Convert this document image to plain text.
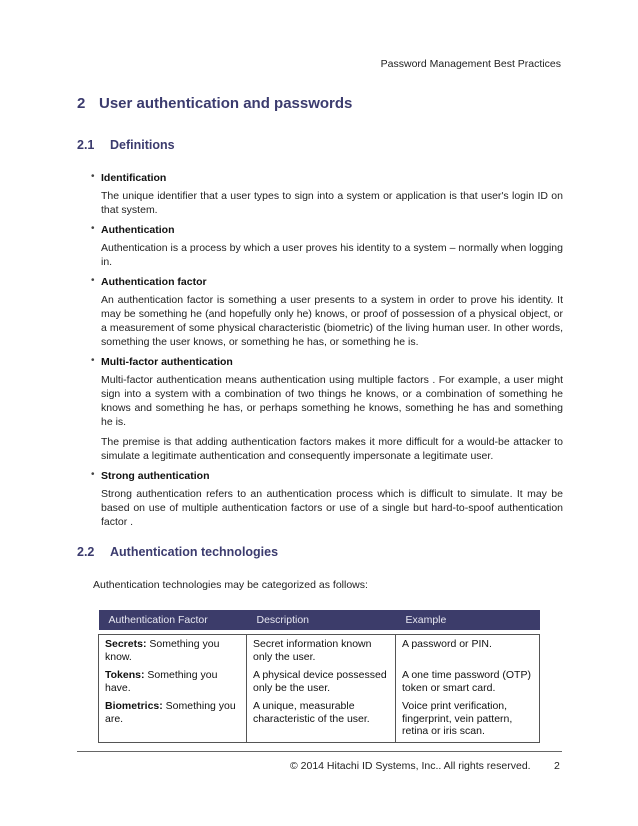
Password Management Best Practices
2 User authentication and passwords
2.1 Definitions
• Identification

The unique identifier that a user types to sign into a system or application is that user's login ID on that system.

• Authentication

Authentication is a process by which a user proves his identity to a system – normally when logging in.

• Authentication factor

An authentication factor is something a user presents to a system in order to prove his identity. It may be something he (and hopefully only he) knows, or proof of possession of a physical object, or a measurement of some physical characteristic (biometric) of the living human user. In other words, something the user knows, or something he has, or something he is.

• Multi-factor authentication

Multi-factor authentication means authentication using multiple factors . For example, a user might sign into a system with a combination of two things he knows, or a combination of something he knows and something he has, or perhaps something he knows, something he has and something he is.

The premise is that adding authentication factors makes it more difficult for a would-be attacker to simulate a legitimate authentication and consequently impersonate a legitimate user.

• Strong authentication

Strong authentication refers to an authentication process which is difficult to simulate. It may be based on use of multiple authentication factors or use of a single but hard-to-spoof authentication factor .

2.2 Authentication technologies
Authentication technologies may be categorized as follows:
Authentication Factor	Description	Example

Secrets: Something you know.	Secret information known only the user.	A password or PIN.
Tokens: Something you have.	A physical device possessed only be the user.	A one time password (OTP) token or smart card.
Biometrics: Something you are.	A unique, measurable characteristic of the user.	Voice print verification, fingerprint, vein pattern, retina or iris scan.
© 2014 Hitachi ID Systems, Inc.. All rights reserved. 2
